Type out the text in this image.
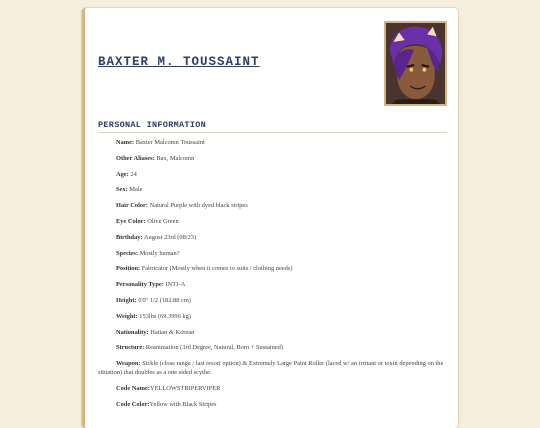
BAXTER M. TOUSSAINT
PERSONAL INFORMATION
Name: Baxter Malcomn Toussaint
Other Aliases: Bax, Malcomn
Age: 24
Sex: Male
Hair Color: Natural Purple with dyed black stripes
Eye Color: Olive Green
Birthday: August 23rd (08/23)
Species: Mostly human?
Position: Fabricator (Mostly when it comes to suits / clothing needs)
Personality Type: INTJ-A
Height: 6'0" 1/2 (182.88 cm)
Weight: 153lbs (69.3996 kg)
Nationality: Hatian & Korean
Structure: Reanimation (3rd Degree, Natural, Born + Sustained)
Weapon: Sickle (close range / last resort option) & Extremely Large Paint Roller (laced w/ an irritant or toxin depending on the situation) that doubles as a one sided scythe.
Code Name:YELLOWSTRIPERVIPER
Code Color:Yellow with Black Stripes
